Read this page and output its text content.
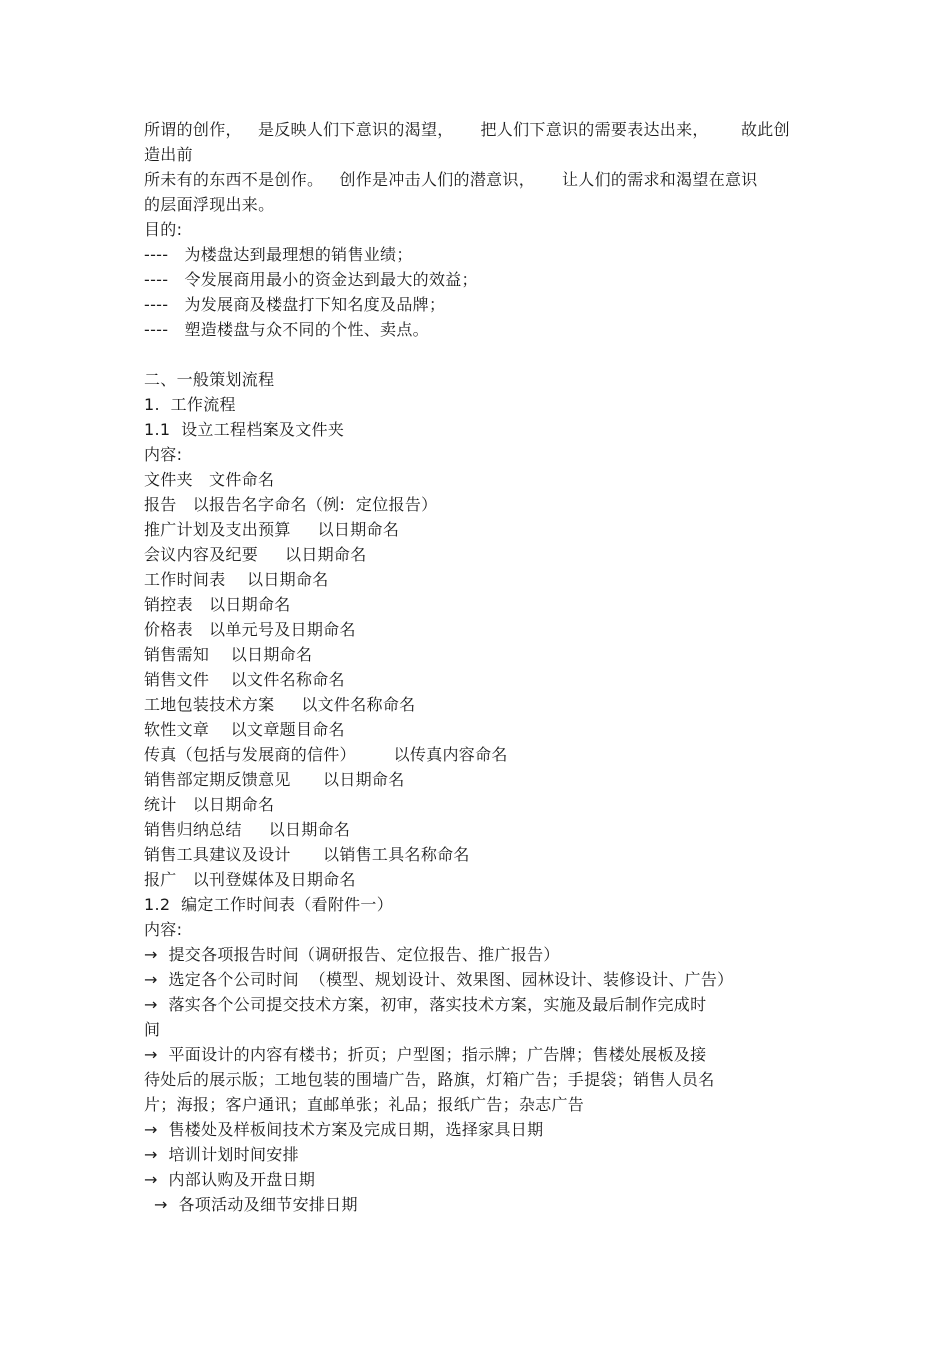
所谓的创作，   是反映人们下意识的渴望，     把人们下意识的需要表达出来，      故此创
造出前
所未有的东西不是创作。   创作是冲击人们的潜意识，     让人们的需求和渴望在意识
的层面浮现出来。
目的:
----   为楼盘达到最理想的销售业绩；
----   令发展商用最小的资金达到最大的效益；
----   为发展商及楼盘打下知名度及品牌；
----   塑造楼盘与众不同的个性、卖点。
二、一般策划流程
1.  工作流程
1.1  设立工程档案及文件夹
内容:
文件夹   文件命名
报告   以报告名字命名（例:  定位报告）
推广计划及支出预算     以日期命名
会议内容及纪要     以日期命名
工作时间表    以日期命名
销控表   以日期命名
价格表   以单元号及日期命名
销售需知    以日期命名
销售文件    以文件名称命名
工地包装技术方案     以文件名称命名
软性文章    以文章题目命名
传真（包括与发展商的信件）       以传真内容命名
销售部定期反馈意见      以日期命名
统计   以日期命名
销售归纳总结     以日期命名
销售工具建议及设计      以销售工具名称命名
报广   以刊登媒体及日期命名
1.2  编定工作时间表（看附件一）
内容:
→  提交各项报告时间（调研报告、定位报告、推广报告）
→  选定各个公司时间  （模型、规划设计、效果图、园林设计、装修设计、广告）
→  落实各个公司提交技术方案，初审，落实技术方案，实施及最后制作完成时
间
→  平面设计的内容有楼书；折页；户型图；指示牌；广告牌；售楼处展板及接
待处后的展示版；工地包装的围墙广告，路旗，灯箱广告；手提袋；销售人员名
片；海报；客户通讯；直邮单张；礼品；报纸广告；杂志广告
→  售楼处及样板间技术方案及完成日期，选择家具日期
→  培训计划时间安排
→  内部认购及开盘日期
→  各项活动及细节安排日期
